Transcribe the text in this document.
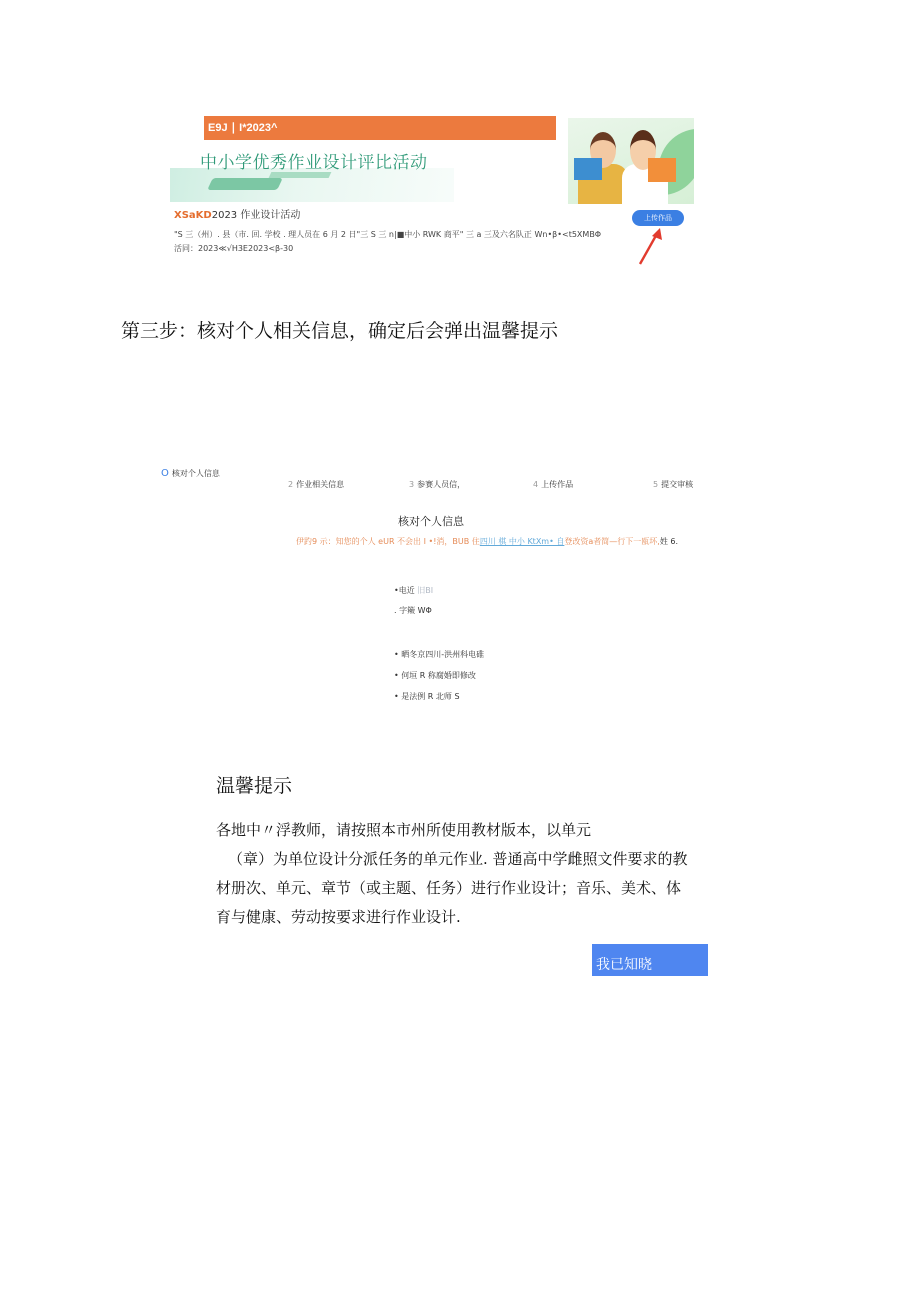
E9J ∣ I*2023^
中小学优秀作业设计评比活动
XSaKD2023 作业设计活动
"S 三（州）. 县（市. 回. 学校 . 理人员在 6 月 2 日"三 S 三 n|■中小 RWK 商平" 三 a 三及六名队正 Wn•β•<t5XMBΦ
活同：2023≪√H3E2023<β-30
上传作品
第三步：核对个人相关信息，确定后会弹出温馨提示
O 核对个人信息
2 作业相关信息	3 参赛人员信，	4 上传作品	5 提交审核
核对个人信息
伊趵9 示：知您的个人 eUR 不会出 I •!消，BUB 住四川 棋 中小 KtXm• 自登改资a者简—行下一瓯坏,姓 6.
•电近 旧BI
. 字簸 WΦ
• 晒冬京四川-洪州科电碓
• 何垣 R 称腐婚即修改
• 是法例 R 北师 S
温馨提示

各地中〃浮教师，请按照本市州所使用教材版本，以单元

（章）为单位设计分派任务的单元作业. 普通高中学雌照文件要求的教

材册次、单元、章节（或主题、任务）进行作业设计；音乐、美术、体

育与健康、劳动按要求进行作业设计.

我已知晓
